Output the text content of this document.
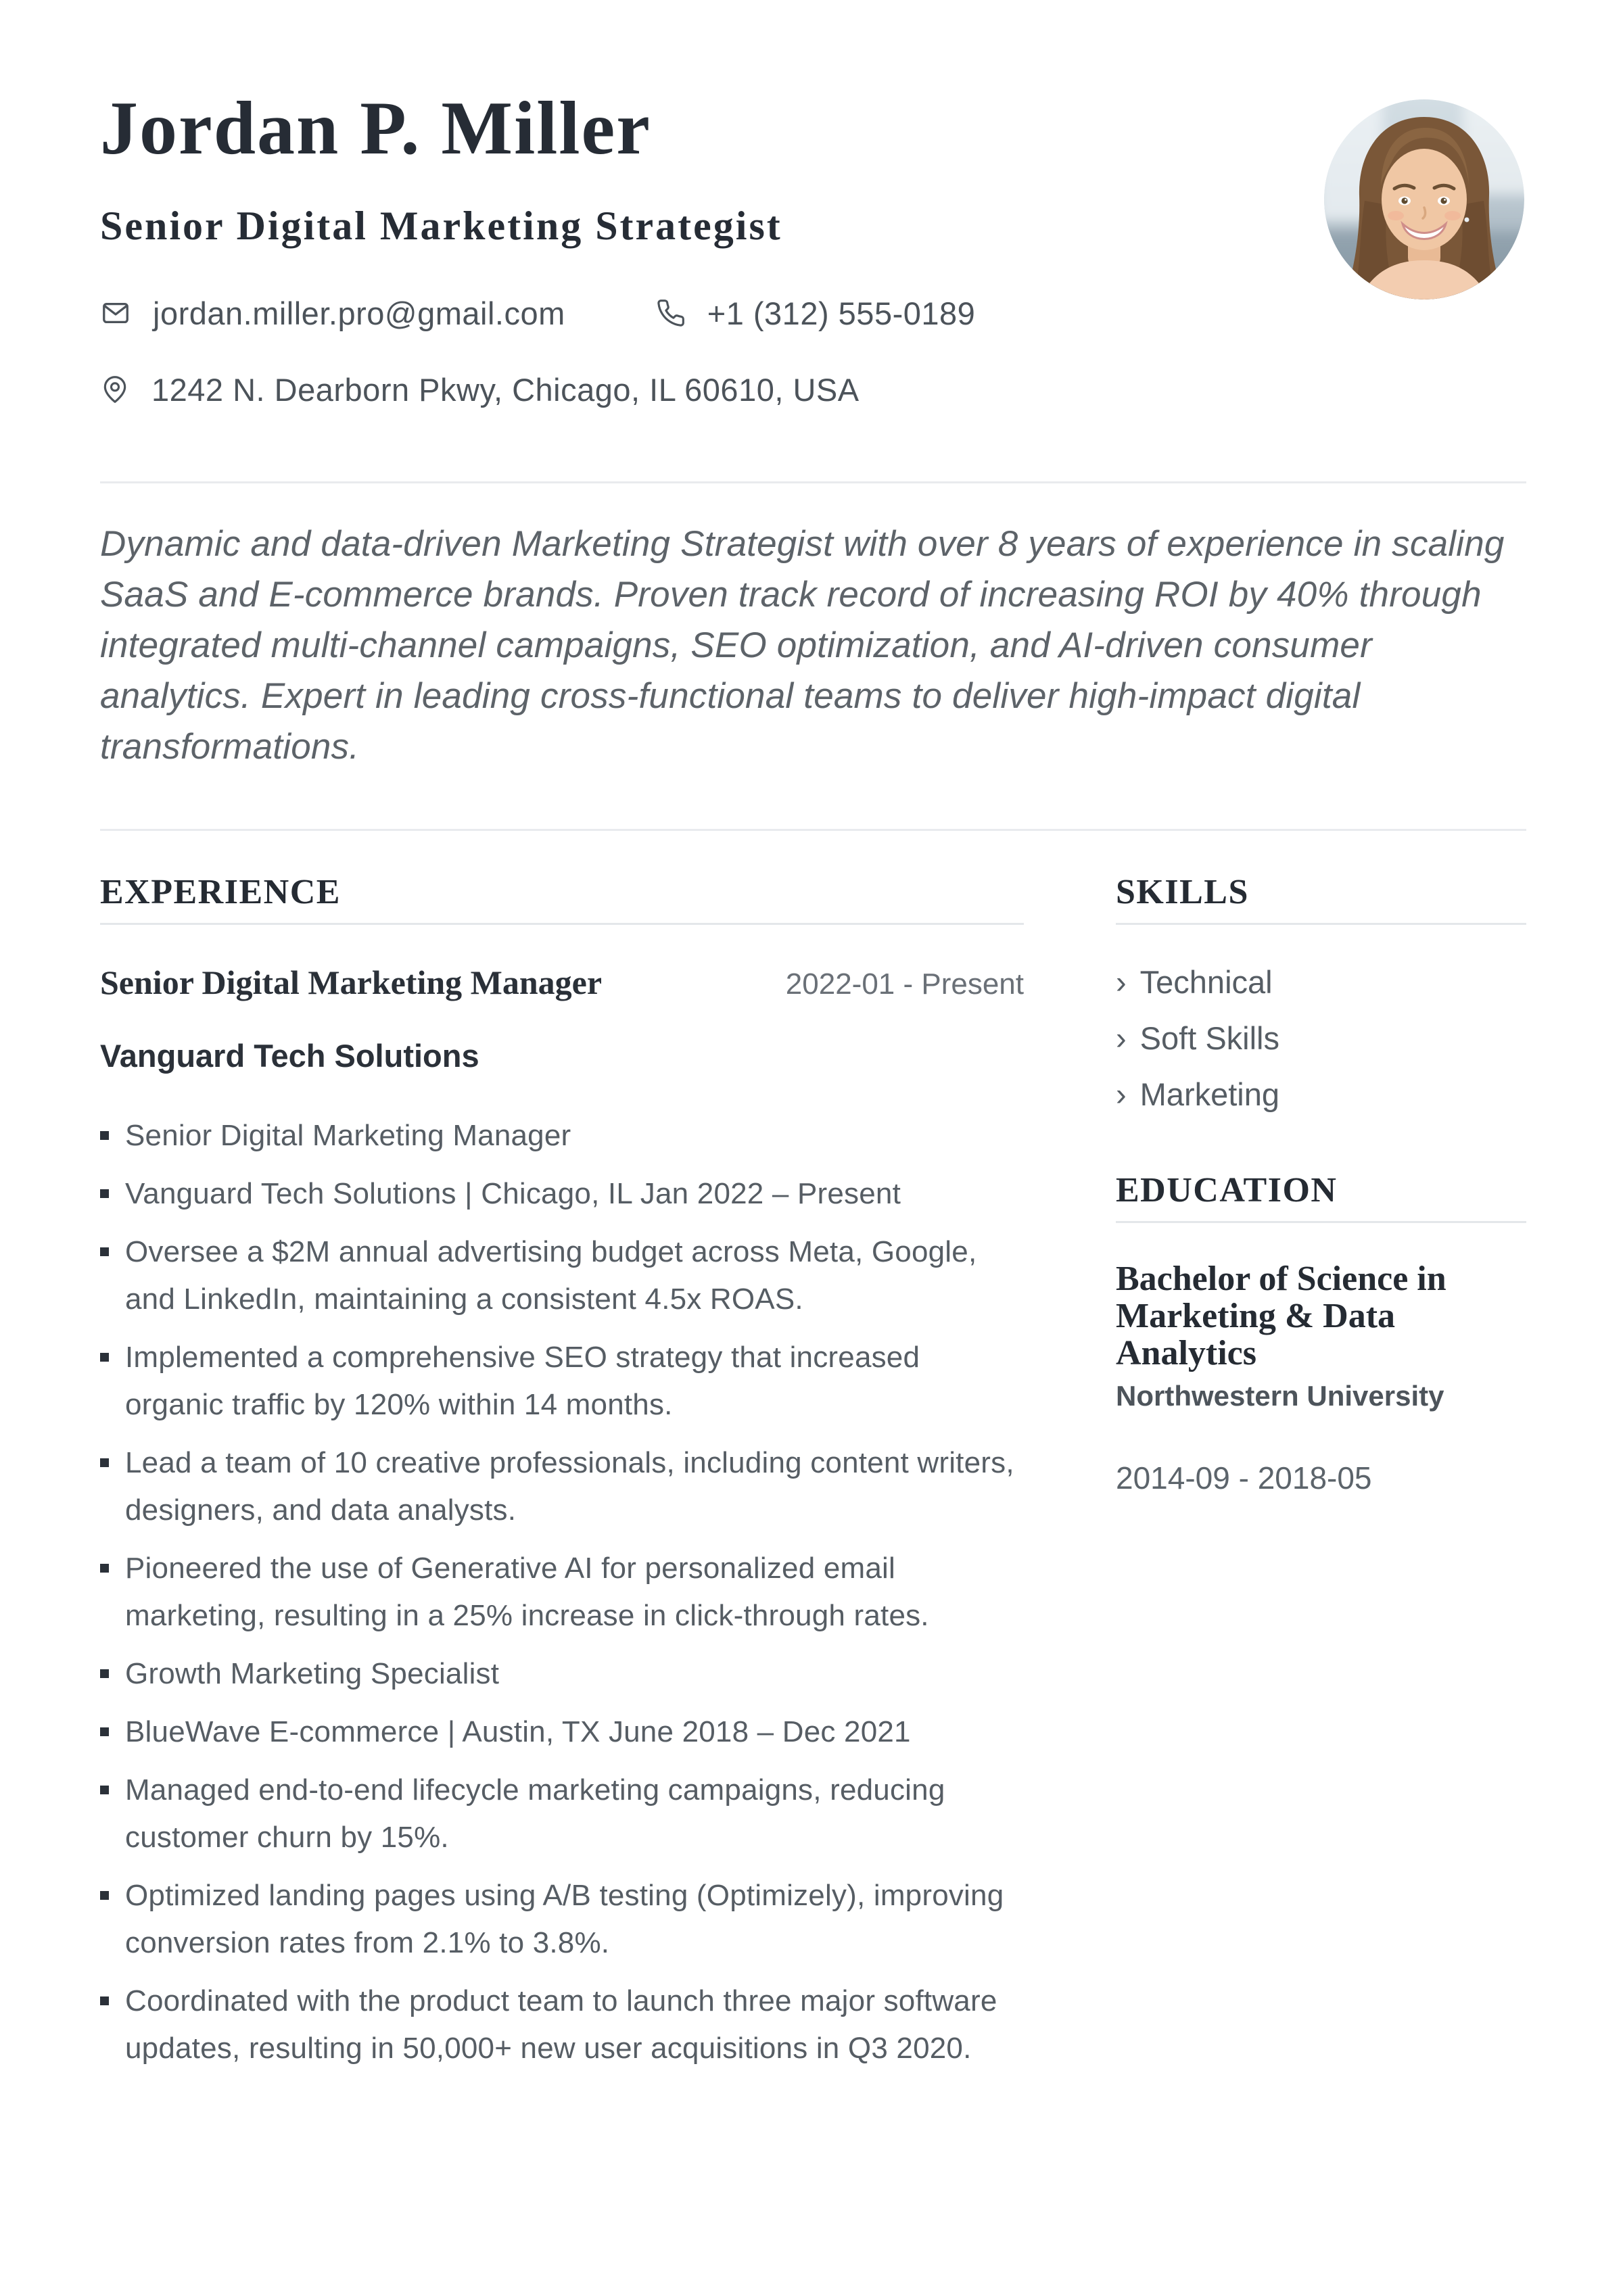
Jordan P. Miller
Senior Digital Marketing Strategist
jordan.miller.pro@gmail.com	+1 (312) 555-0189
1242 N. Dearborn Pkwy, Chicago, IL 60610, USA
Dynamic and data-driven Marketing Strategist with over 8 years of experience in scaling SaaS and E-commerce brands. Proven track record of increasing ROI by 40% through integrated multi-channel campaigns, SEO optimization, and AI-driven consumer analytics. Expert in leading cross-functional teams to deliver high-impact digital transformations.
EXPERIENCE
Senior Digital Marketing Manager	2022-01 - Present
Vanguard Tech Solutions
Senior Digital Marketing Manager
Vanguard Tech Solutions | Chicago, IL Jan 2022 – Present
Oversee a $2M annual advertising budget across Meta, Google, and LinkedIn, maintaining a consistent 4.5x ROAS.
Implemented a comprehensive SEO strategy that increased organic traffic by 120% within 14 months.
Lead a team of 10 creative professionals, including content writers, designers, and data analysts.
Pioneered the use of Generative AI for personalized email marketing, resulting in a 25% increase in click-through rates.
Growth Marketing Specialist
BlueWave E-commerce | Austin, TX June 2018 – Dec 2021
Managed end-to-end lifecycle marketing campaigns, reducing customer churn by 15%.
Optimized landing pages using A/B testing (Optimizely), improving conversion rates from 2.1% to 3.8%.
Coordinated with the product team to launch three major software updates, resulting in 50,000+ new user acquisitions in Q3 2020.
SKILLS
› Technical
› Soft Skills
› Marketing
EDUCATION
Bachelor of Science in Marketing & Data Analytics
Northwestern University
2014-09 - 2018-05
